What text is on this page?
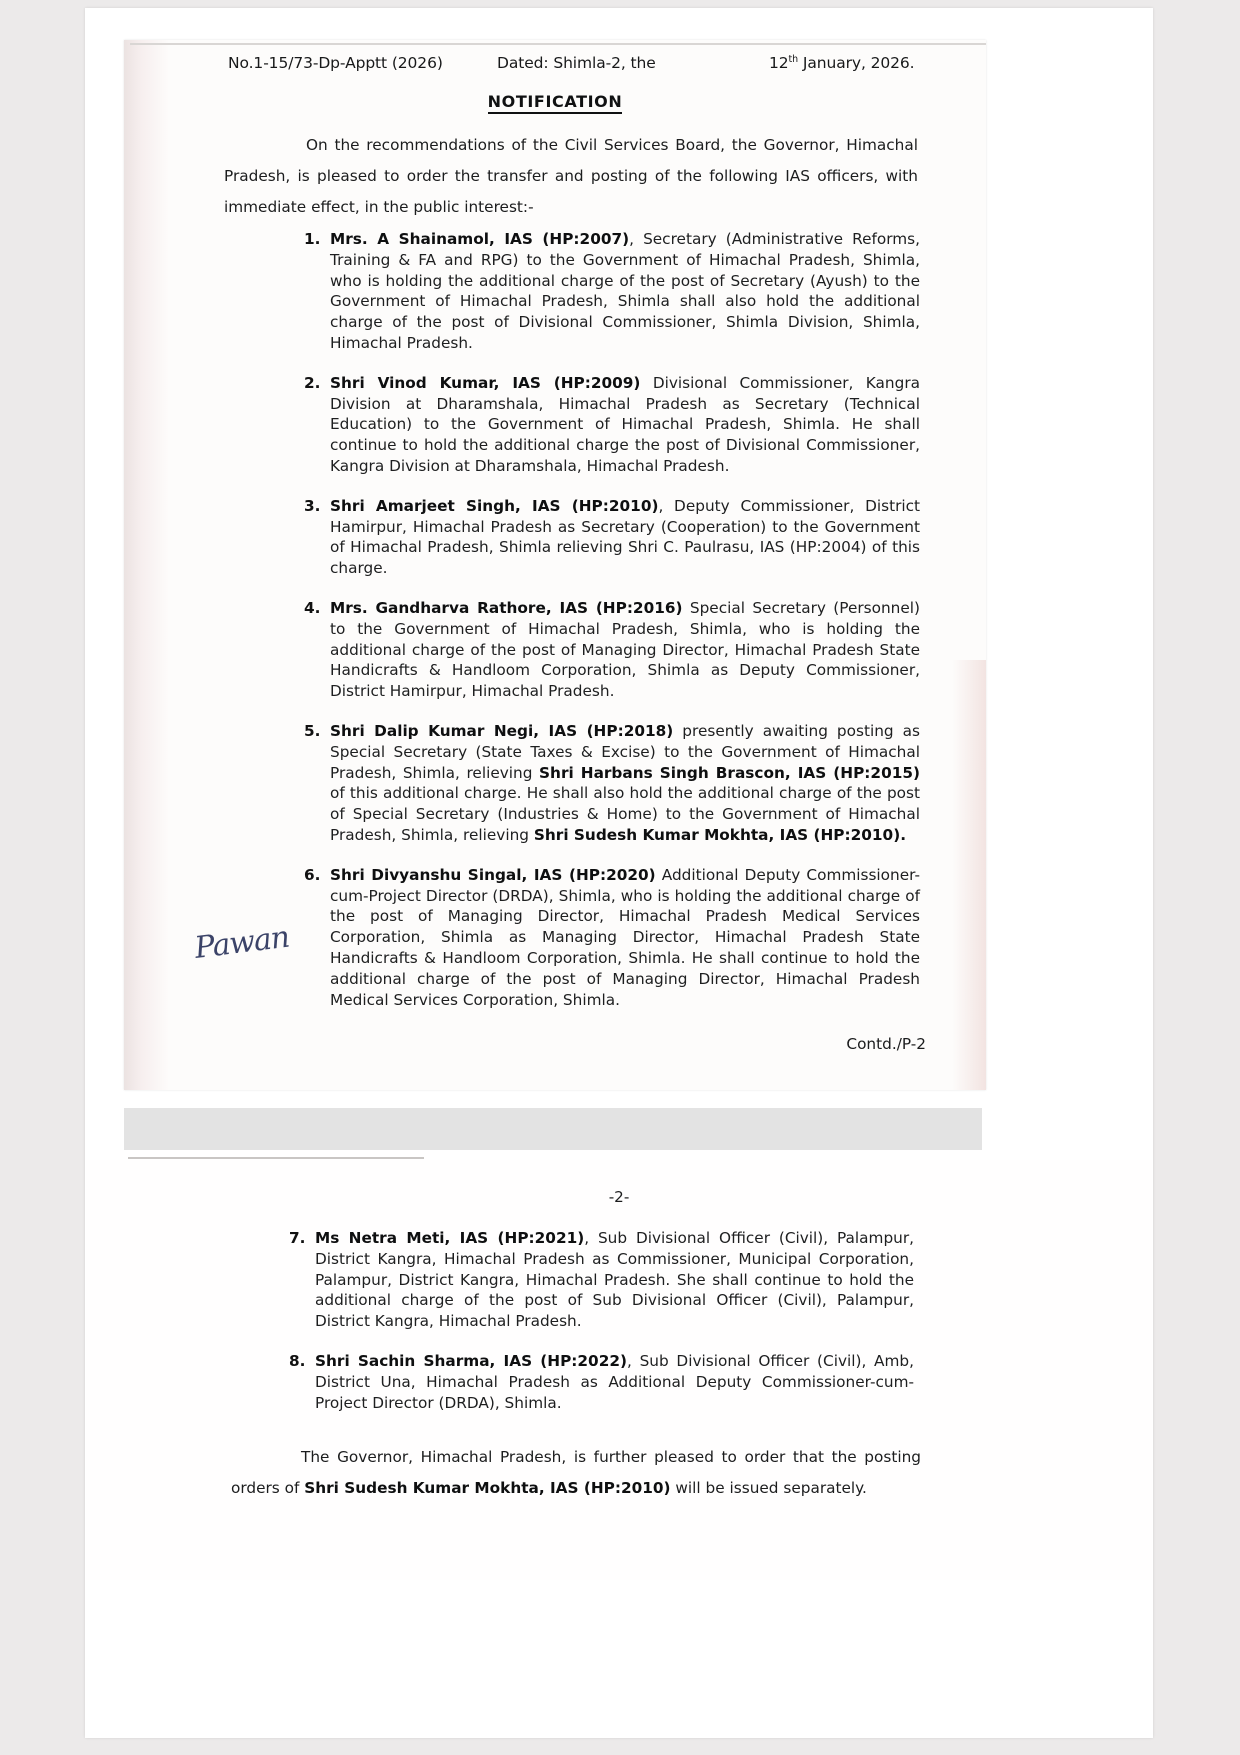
No.1-15/73-Dp-Apptt (2026)	Dated: Shimla-2, the	12th January, 2026.
NOTIFICATION
On the recommendations of the Civil Services Board, the Governor, Himachal Pradesh, is pleased to order the transfer and posting of the following IAS officers, with immediate effect, in the public interest:-
1. Mrs. A Shainamol, IAS (HP:2007), Secretary (Administrative Reforms, Training & FA and RPG) to the Government of Himachal Pradesh, Shimla, who is holding the additional charge of the post of Secretary (Ayush) to the Government of Himachal Pradesh, Shimla shall also hold the additional charge of the post of Divisional Commissioner, Shimla Division, Shimla, Himachal Pradesh.
2. Shri Vinod Kumar, IAS (HP:2009) Divisional Commissioner, Kangra Division at Dharamshala, Himachal Pradesh as Secretary (Technical Education) to the Government of Himachal Pradesh, Shimla. He shall continue to hold the additional charge the post of Divisional Commissioner, Kangra Division at Dharamshala, Himachal Pradesh.
3. Shri Amarjeet Singh, IAS (HP:2010), Deputy Commissioner, District Hamirpur, Himachal Pradesh as Secretary (Cooperation) to the Government of Himachal Pradesh, Shimla relieving Shri C. Paulrasu, IAS (HP:2004) of this charge.
4. Mrs. Gandharva Rathore, IAS (HP:2016) Special Secretary (Personnel) to the Government of Himachal Pradesh, Shimla, who is holding the additional charge of the post of Managing Director, Himachal Pradesh State Handicrafts & Handloom Corporation, Shimla as Deputy Commissioner, District Hamirpur, Himachal Pradesh.
5. Shri Dalip Kumar Negi, IAS (HP:2018) presently awaiting posting as Special Secretary (State Taxes & Excise) to the Government of Himachal Pradesh, Shimla, relieving Shri Harbans Singh Brascon, IAS (HP:2015) of this additional charge. He shall also hold the additional charge of the post of Special Secretary (Industries & Home) to the Government of Himachal Pradesh, Shimla, relieving Shri Sudesh Kumar Mokhta, IAS (HP:2010).
6. Shri Divyanshu Singal, IAS (HP:2020) Additional Deputy Commissioner-cum-Project Director (DRDA), Shimla, who is holding the additional charge of the post of Managing Director, Himachal Pradesh Medical Services Corporation, Shimla as Managing Director, Himachal Pradesh State Handicrafts & Handloom Corporation, Shimla. He shall continue to hold the additional charge of the post of Managing Director, Himachal Pradesh Medical Services Corporation, Shimla.
Pawan
Contd./P-2
-2-
7. Ms Netra Meti, IAS (HP:2021), Sub Divisional Officer (Civil), Palampur, District Kangra, Himachal Pradesh as Commissioner, Municipal Corporation, Palampur, District Kangra, Himachal Pradesh. She shall continue to hold the additional charge of the post of Sub Divisional Officer (Civil), Palampur, District Kangra, Himachal Pradesh.
8. Shri Sachin Sharma, IAS (HP:2022), Sub Divisional Officer (Civil), Amb, District Una, Himachal Pradesh as Additional Deputy Commissioner-cum-Project Director (DRDA), Shimla.
The Governor, Himachal Pradesh, is further pleased to order that the posting orders of Shri Sudesh Kumar Mokhta, IAS (HP:2010) will be issued separately.
